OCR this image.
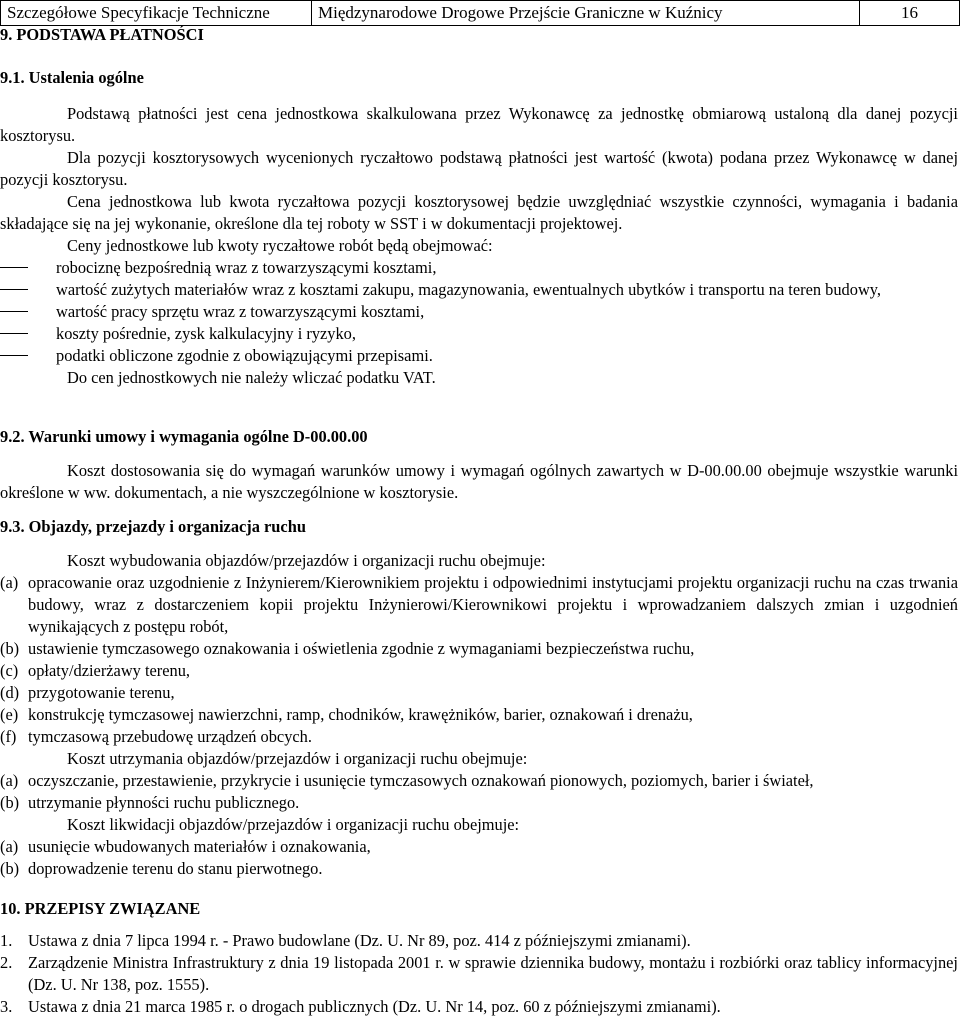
Szczegółowe Specyfikacje Techniczne	Międzynarodowe Drogowe Przejście Graniczne w Kuźnicy	16
9. PODSTAWA PŁATNOŚCI
9.1. Ustalenia ogólne

Podstawą płatności jest cena jednostkowa skalkulowana przez Wykonawcę za jednostkę obmiarową ustaloną dla danej pozycji kosztorysu.

Dla pozycji kosztorysowych wycenionych ryczałtowo podstawą płatności jest wartość (kwota) podana przez Wykonawcę w danej pozycji kosztorysu.

Cena jednostkowa lub kwota ryczałtowa pozycji kosztorysowej będzie uwzględniać wszystkie czynności, wymagania i badania składające się na jej wykonanie, określone dla tej roboty w SST i w dokumentacji projektowej.

Ceny jednostkowe lub kwoty ryczałtowe robót będą obejmować:

robociznę bezpośrednią wraz z towarzyszącymi kosztami,
wartość zużytych materiałów wraz z kosztami zakupu, magazynowania, ewentualnych ubytków i transportu na teren budowy,
wartość pracy sprzętu wraz z towarzyszącymi kosztami,
koszty pośrednie, zysk kalkulacyjny i ryzyko,
podatki obliczone zgodnie z obowiązującymi przepisami.

Do cen jednostkowych nie należy wliczać podatku VAT.

9.2. Warunki umowy i wymagania ogólne D-00.00.00

Koszt dostosowania się do wymagań warunków umowy i wymagań ogólnych zawartych w D-00.00.00 obejmuje wszystkie warunki określone w ww. dokumentach, a nie wyszczególnione w kosztorysie.

9.3. Objazdy, przejazdy i organizacja ruchu

Koszt wybudowania objazdów/przejazdów i organizacji ruchu obejmuje:

(a) opracowanie oraz uzgodnienie z Inżynierem/Kierownikiem projektu i odpowiednimi instytucjami projektu organizacji ruchu na czas trwania budowy, wraz z dostarczeniem kopii projektu Inżynierowi/Kierownikowi projektu i wprowadzaniem dalszych zmian i uzgodnień wynikających z postępu robót,
(b) ustawienie tymczasowego oznakowania i oświetlenia zgodnie z wymaganiami bezpieczeństwa ruchu,
(c) opłaty/dzierżawy terenu,
(d) przygotowanie terenu,
(e) konstrukcję tymczasowej nawierzchni, ramp, chodników, krawężników, barier, oznakowań i drenażu,
(f) tymczasową przebudowę urządzeń obcych.

Koszt utrzymania objazdów/przejazdów i organizacji ruchu obejmuje:

(a) oczyszczanie, przestawienie, przykrycie i usunięcie tymczasowych oznakowań pionowych, poziomych, barier i świateł,
(b) utrzymanie płynności ruchu publicznego.

Koszt likwidacji objazdów/przejazdów i organizacji ruchu obejmuje:

(a) usunięcie wbudowanych materiałów i oznakowania,
(b) doprowadzenie terenu do stanu pierwotnego.
10. PRZEPISY ZWIĄZANE
1. Ustawa z dnia 7 lipca 1994 r. - Prawo budowlane (Dz. U. Nr 89, poz. 414 z późniejszymi zmianami).
2. Zarządzenie Ministra Infrastruktury z dnia 19 listopada 2001 r. w sprawie dziennika budowy, montażu i rozbiórki oraz tablicy informacyjnej (Dz. U. Nr 138, poz. 1555).
3. Ustawa z dnia 21 marca 1985 r. o drogach publicznych (Dz. U. Nr 14, poz. 60 z późniejszymi zmianami).
